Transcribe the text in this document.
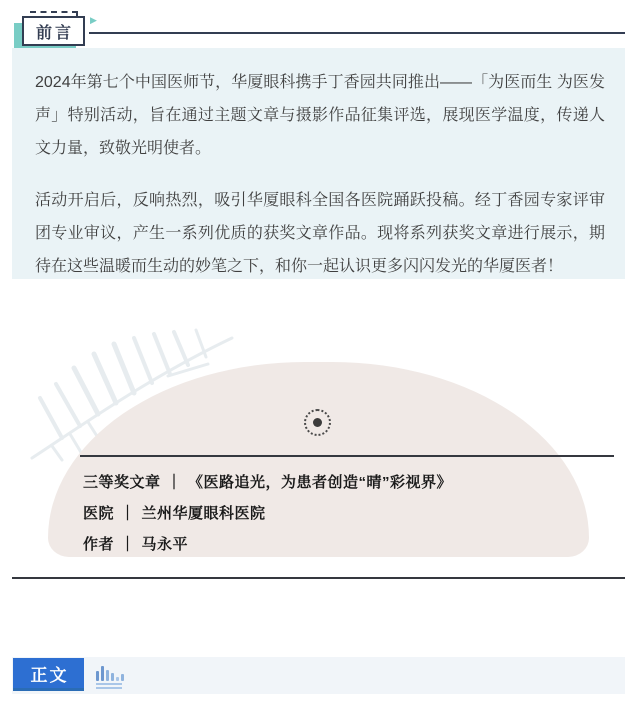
▶
前言

2024年第七个中国医师节，华厦眼科携手丁香园共同推出——「为医而生 为医发声」特别活动，旨在通过主题文章与摄影作品征集评选，展现医学温度，传递人文力量，致敬光明使者。

活动开启后，反响热烈，吸引华厦眼科全国各医院踊跃投稿。经丁香园专家评审团专业审议，产生一系列优质的获奖文章作品。现将系列获奖文章进行展示，期待在这些温暖而生动的妙笔之下，和你一起认识更多闪闪发光的华厦医者！

三等奖文章 ｜ 《医路追光，为患者创造“晴”彩视界》
医院 ｜ 兰州华厦眼科医院
作者 ｜ 马永平
正文
